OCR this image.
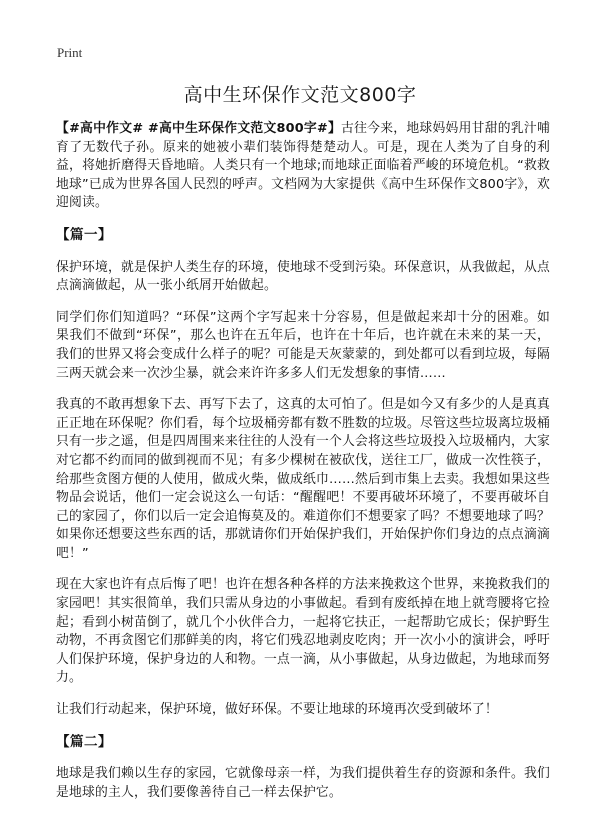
Print
高中生环保作文范文800字

【#高中作文# #高中生环保作文范文800字#】古往今来，地球妈妈用甘甜的乳汁哺育了无数代子孙。原来的她被小辈们装饰得楚楚动人。可是，现在人类为了自身的利益，将她折磨得天昏地暗。人类只有一个地球;而地球正面临着严峻的环境危机。“救救地球”已成为世界各国人民烈的呼声。文档网为大家提供《高中生环保作文800字》，欢迎阅读。

【篇一】

保护环境，就是保护人类生存的环境，使地球不受到污染。环保意识，从我做起，从点点滴滴做起，从一张小纸屑开始做起。

同学们你们知道吗？“环保”这两个字写起来十分容易，但是做起来却十分的困难。如果我们不做到“环保”，那么也许在五年后，也许在十年后，也许就在未来的某一天，我们的世界又将会变成什么样子的呢？可能是天灰蒙蒙的，到处都可以看到垃圾，每隔三两天就会来一次沙尘暴，就会来许许多多人们无发想象的事情……

我真的不敢再想象下去、再写下去了，这真的太可怕了。但是如今又有多少的人是真真正正地在环保呢？你们看，每个垃圾桶旁都有数不胜数的垃圾。尽管这些垃圾离垃圾桶只有一步之遥，但是四周围来来往往的人没有一个人会将这些垃圾投入垃圾桶内，大家对它都不约而同的做到视而不见；有多少棵树在被砍伐，送往工厂，做成一次性筷子，给那些贪图方便的人使用，做成火柴，做成纸巾……然后到市集上去卖。我想如果这些物品会说话，他们一定会说这么一句话：“醒醒吧！不要再破坏环境了，不要再破坏自己的家园了，你们以后一定会追悔莫及的。难道你们不想要家了吗？不想要地球了吗？如果你还想要这些东西的话，那就请你们开始保护我们，开始保护你们身边的点点滴滴吧！”

现在大家也许有点后悔了吧！也许在想各种各样的方法来挽救这个世界，来挽救我们的家园吧！其实很简单，我们只需从身边的小事做起。看到有废纸掉在地上就弯腰将它捡起；看到小树苗倒了，就几个小伙伴合力，一起将它扶正，一起帮助它成长；保护野生动物，不再贪图它们那鲜美的肉，将它们残忍地剥皮吃肉；开一次小小的演讲会，呼吁人们保护环境，保护身边的人和物。一点一滴，从小事做起，从身边做起，为地球而努力。

让我们行动起来，保护环境，做好环保。不要让地球的环境再次受到破坏了！

【篇二】

地球是我们赖以生存的家园，它就像母亲一样，为我们提供着生存的资源和条件。我们是地球的主人，我们要像善待自己一样去保护它。
